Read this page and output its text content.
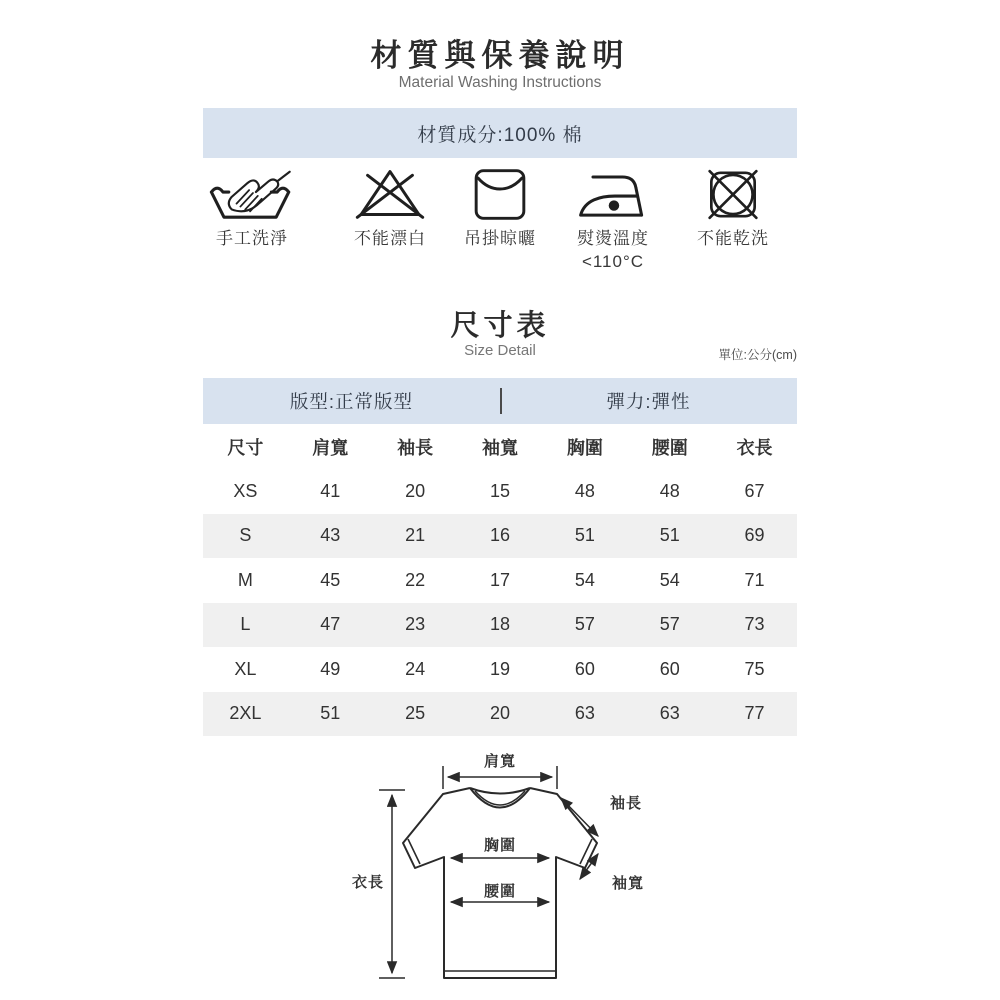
材質與保養說明
Material Washing Instructions
材質成分:100% 棉
手工洗淨	不能漂白	吊掛晾曬	熨燙溫度
<110°C
不能乾洗
尺寸表
Size Detail	單位:公分(cm)
版型:正常版型	彈力:彈性
尺寸	肩寬	袖長	袖寬	胸圍	腰圍	衣長
XS	41	20	15	48	48	67
S	43	21	16	51	51	69
M	45	22	17	54	54	71
L	47	23	18	57	57	73
XL	49	24	19	60	60	75
2XL	51	25	20	63	63	77
肩寬
衣長
胸圍
腰圍
袖長
袖寬
